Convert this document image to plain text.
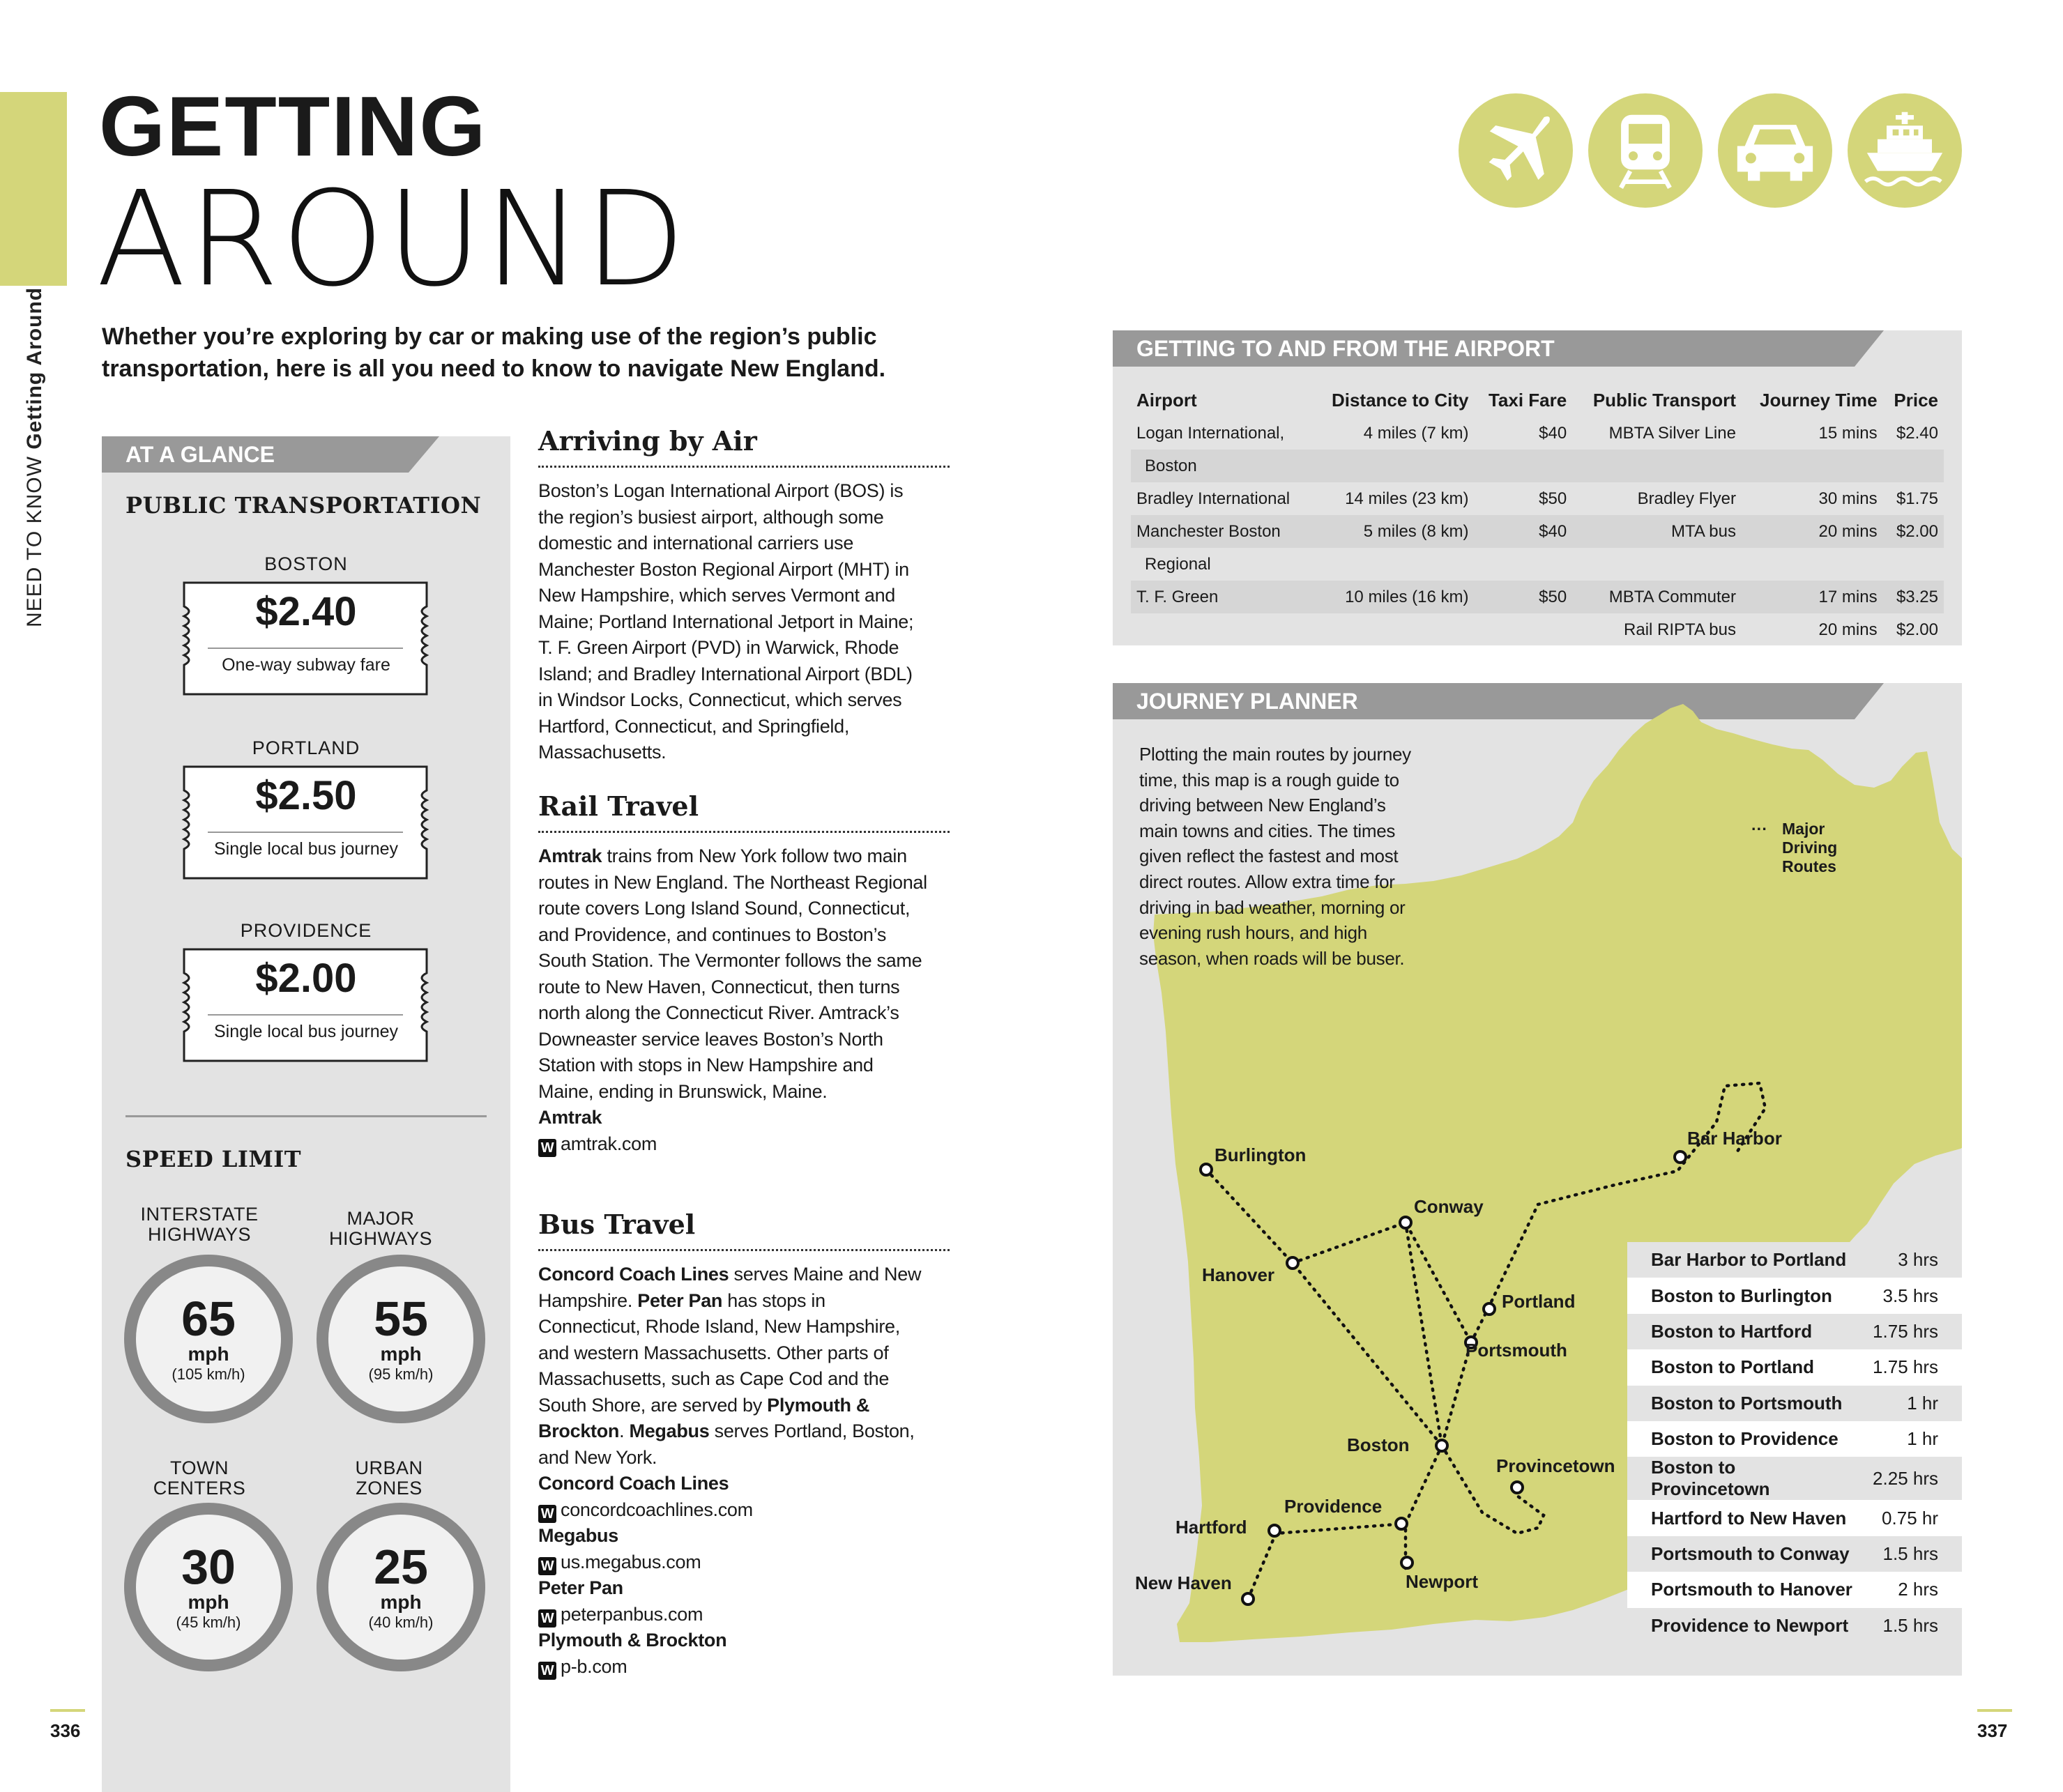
NEED TO KNOW Getting Around
GETTING
AROUND
Whether you’re exploring by car or making use of the region’s public transportation, here is all you need to know to navigate New England.
AT A GLANCE
PUBLIC TRANSPORTATION
BOSTON
$2.40
One-way subway fare
PORTLAND
$2.50
Single local bus journey
PROVIDENCE
$2.00
Single local bus journey
SPEED LIMIT
INTERSTATE HIGHWAYS
65
mph
(105 km/h)
MAJOR HIGHWAYS
55
mph
(95 km/h)
TOWN CENTERS
30
mph
(45 km/h)
URBAN ZONES
25
mph
(40 km/h)
Arriving by Air
Boston’s Logan International Airport (BOS) is the region’s busiest airport, although some domestic and international carriers use Manchester Boston Regional Airport (MHT) in New Hampshire, which serves Vermont and Maine; Portland International Jetport in Maine; T. F. Green Airport (PVD) in Warwick, Rhode Island; and Bradley International Airport (BDL) in Windsor Locks, Connecticut, which serves Hartford, Connecticut, and Springfield, Massachusetts.
Rail Travel
Amtrak trains from New York follow two main routes in New England. The Northeast Regional route covers Long Island Sound, Connecticut, and Providence, and continues to Boston’s South Station. The Vermonter follows the same route to New Haven, Connecticut, then turns north along the Connecticut River. Amtrack’s Downeaster service leaves Boston’s North Station with stops in New Hampshire and Maine, ending in Brunswick, Maine.
Amtrak
W amtrak.com
Bus Travel
Concord Coach Lines serves Maine and New Hampshire. Peter Pan has stops in Connecticut, Rhode Island, New Hampshire, and western Massachusetts. Other parts of Massachusetts, such as Cape Cod and the South Shore, are served by Plymouth & Brockton. Megabus serves Portland, Boston, and New York.
Concord Coach Lines
W concordcoachlines.com
Megabus
W us.megabus.com
Peter Pan
W peterpanbus.com
Plymouth & Brockton
W p-b.com
GETTING TO AND FROM THE AIRPORT
Airport	Distance to City	Taxi Fare	Public Transport	Journey Time	Price
Logan International,	4 miles (7 km)	$40	MBTA Silver Line	15 mins	$2.40
Boston					
Bradley International	14 miles (23 km)	$50	Bradley Flyer	30 mins	$1.75
Manchester Boston	5 miles (8 km)	$40	MTA bus	20 mins	$2.00
Regional					
T. F. Green	10 miles (16 km)	$50	MBTA Commuter	17 mins	$3.25
			Rail RIPTA bus	20 mins	$2.00
JOURNEY PLANNER
Plotting the main routes by journey time, this map is a rough guide to driving between New England’s main towns and cities. The times given reflect the fastest and most direct routes. Allow extra time for driving in bad weather, morning or evening rush hours, and high season, when roads will be buser.
··· Major Driving Routes
Burlington
Hanover
Conway
Portland
Portsmouth
Boston
Bar Harbor
Provincetown
Providence
Hartford
Newport
New Haven
Bar Harbor to Portland	3 hrs
Boston to Burlington	3.5 hrs
Boston to Hartford	1.75 hrs
Boston to Portland	1.75 hrs
Boston to Portsmouth	1 hr
Boston to Providence	1 hr
Boston to Provincetown	2.25 hrs
Hartford to New Haven	0.75 hr
Portsmouth to Conway	1.5 hrs
Portsmouth to Hanover	2 hrs
Providence to Newport	1.5 hrs
336	337
